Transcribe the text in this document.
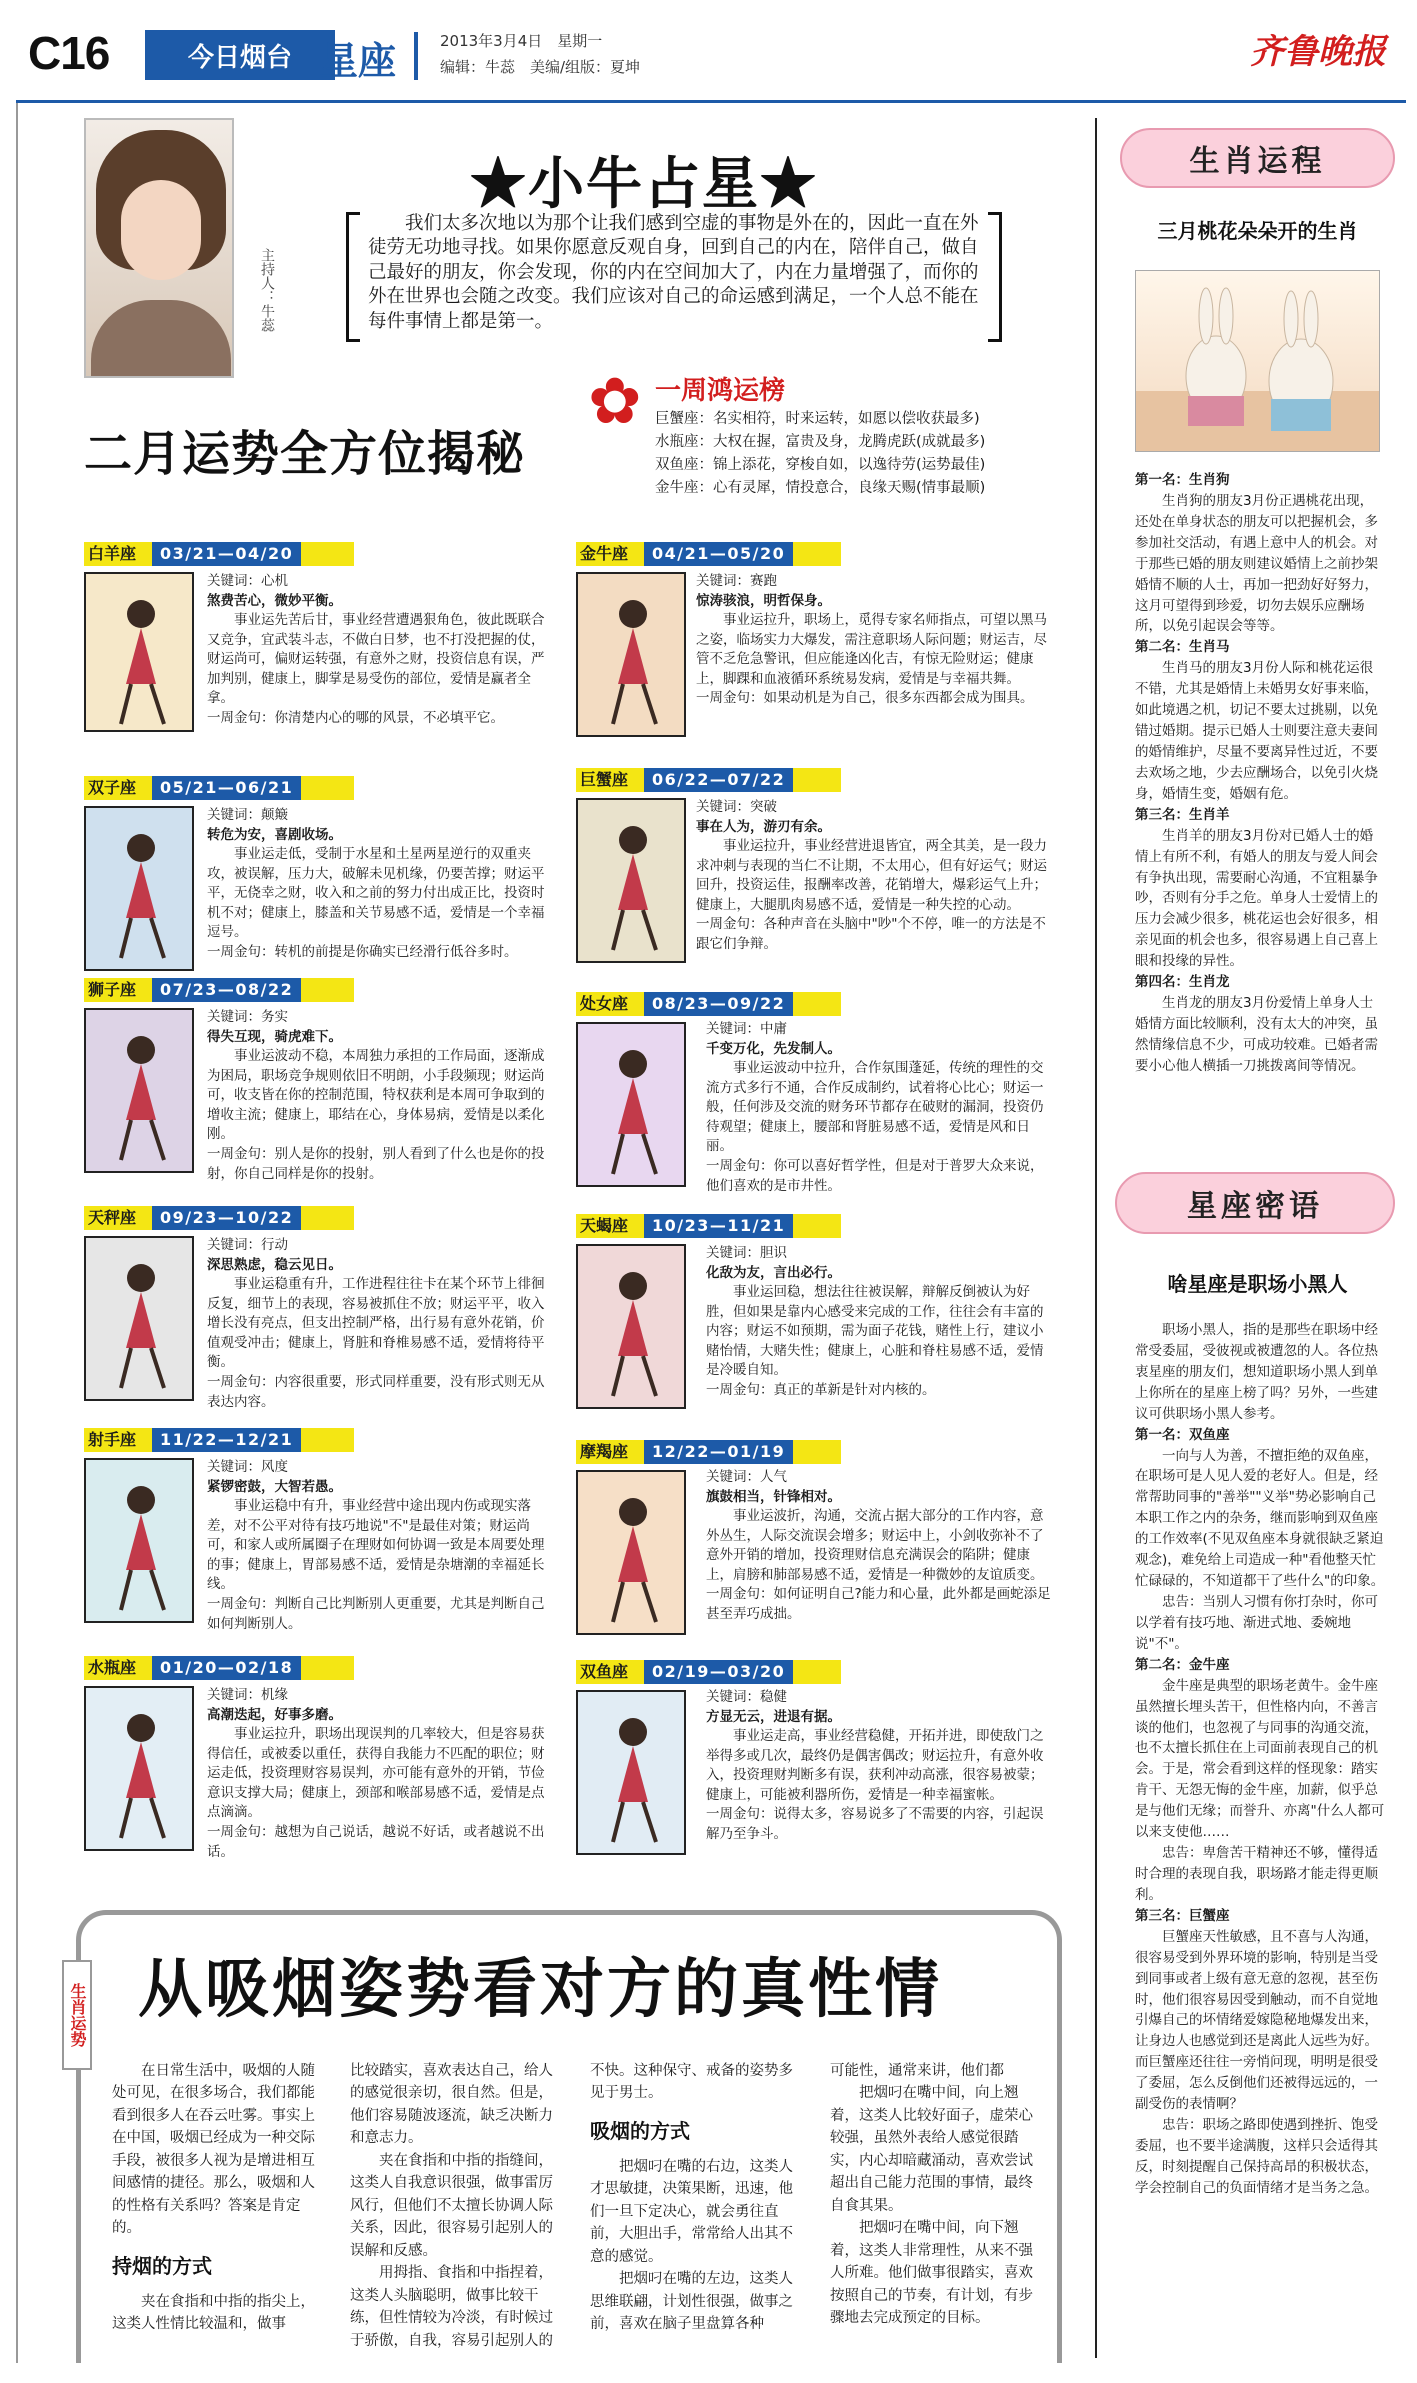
C16	今日烟台 星座	2013年3月4日　星期一
编辑：牛蕊　美编/组版：夏坤	齐鲁晚报
主持人：牛蕊
★小牛占星★
我们太多次地以为那个让我们感到空虚的事物是外在的，因此一直在外徒劳无功地寻找。如果你愿意反观自身，回到自己的内在，陪伴自己，做自己最好的朋友，你会发现，你的内在空间加大了，内在力量增强了，而你的外在世界也会随之改变。我们应该对自己的命运感到满足，一个人总不能在每件事情上都是第一。
二月运势全方位揭秘
✿ 一周鸿运榜
巨蟹座：名实相符，时来运转，如愿以偿收获最多)
水瓶座：大权在握，富贵及身，龙腾虎跃(成就最多)
双鱼座：锦上添花，穿梭自如，以逸待劳(运势最佳)
金牛座：心有灵犀，情投意合，良缘天赐(情事最顺)
白羊座	03/21—04/20
关键词：心机
煞费苦心，微妙平衡。
事业运先苦后甘，事业经营遭遇狠角色，彼此既联合又竞争，宜武装斗志，不做白日梦，也不打没把握的仗，财运尚可，偏财运转强，有意外之财，投资信息有误，严加判别，健康上，脚掌是易受伤的部位，爱情是赢者全拿。
一周金句：你清楚内心的哪的风景，不必填平它。
金牛座	04/21—05/20
关键词：赛跑
惊涛骇浪，明哲保身。
事业运拉升，职场上，觅得专家名师指点，可望以黑马之姿，临场实力大爆发，需注意职场人际问题；财运吉，尽管不乏危急警讯，但应能逢凶化吉，有惊无险财运；健康上，脚踝和血液循环系统易发病，爱情是与幸福共舞。
一周金句：如果动机是为自己，很多东西都会成为围具。
双子座	05/21—06/21
关键词：颠簸
转危为安，喜剧收场。
事业运走低，受制于水星和土星两星逆行的双重夹攻，被误解，压力大，破解未见机缘，仍要苦撑；财运平平，无侥幸之财，收入和之前的努力付出成正比，投资时机不对；健康上，膝盖和关节易感不适，爱情是一个幸福逗号。
一周金句：转机的前提是你确实已经滑行低谷多时。
巨蟹座	06/22—07/22
关键词：突破
事在人为，游刃有余。
事业运拉升，事业经营进退皆宜，两全其美，是一段力求冲刺与表现的当仁不让期，不太用心，但有好运气；财运回升，投资运佳，报酬率改善，花销增大，爆彩运气上升；健康上，大腿肌肉易感不适，爱情是一种失控的心动。
一周金句：各种声音在头脑中"吵"个不停，唯一的方法是不跟它们争辩。
狮子座	07/23—08/22
关键词：务实
得失互现，骑虎难下。
事业运波动不稳，本周独力承担的工作局面，逐渐成为困局，职场竞争规则依旧不明朗，小手段频现；财运尚可，收支皆在你的控制范围，特权获利是本周可争取到的增收主流；健康上，耶结在心，身体易病，爱情是以柔化刚。
一周金句：别人是你的投射，别人看到了什么也是你的投射，你自己同样是你的投射。
处女座	08/23—09/22
关键词：中庸
千变万化，先发制人。
事业运波动中拉升，合作氛围蓬延，传统的理性的交流方式多行不通，合作反成制约，试着将心比心；财运一般，任何涉及交流的财务环节都存在破财的漏洞，投资仍待观望；健康上，腰部和肾脏易感不适，爱情是风和日丽。
一周金句：你可以喜好哲学性，但是对于普罗大众来说，他们喜欢的是市井性。
天秤座	09/23—10/22
关键词：行动
深思熟虑，稳云见日。
事业运稳重有升，工作进程往往卡在某个环节上徘徊反复，细节上的表现，容易被抓住不放；财运平平，收入增长没有亮点，但支出控制严格，出行易有意外花销，价值观受冲击；健康上，肾脏和脊椎易感不适，爱情将待平衡。
一周金句：内容很重要，形式同样重要，没有形式则无从表达内容。
天蝎座	10/23—11/21
关键词：胆识
化敌为友，言出必行。
事业运回稳，想法往往被误解，辩解反倒被认为好胜，但如果是靠内心感受来完成的工作，往往会有丰富的内容；财运不如预期，需为面子花钱，赌性上行，建议小赌怡情，大赌失性；健康上，心脏和脊柱易感不适，爱情是冷暖自知。
一周金句：真正的革新是针对内核的。
射手座	11/22—12/21
关键词：风度
紧锣密鼓，大智若愚。
事业运稳中有升，事业经营中途出现内伤或现实落差，对不公平对待有技巧地说"不"是最佳对策；财运尚可，和家人或所属圈子在理财如何协调一致是本周要处理的事；健康上，胃部易感不适，爱情是杂塘潮的幸福延长线。
一周金句：判断自己比判断别人更重要，尤其是判断自己如何判断别人。
摩羯座	12/22—01/19
关键词：人气
旗鼓相当，针锋相对。
事业运波折，沟通，交流占据大部分的工作内容，意外丛生，人际交流误会增多；财运中上，小剑收弥补不了意外开销的增加，投资理财信息充满误会的陷阱；健康上，肩膀和肺部易感不适，爱情是一种微妙的友谊质变。
一周金句：如何证明自己?能力和心量，此外都是画蛇添足甚至弄巧成拙。
水瓶座	01/20—02/18
关键词：机缘
高潮迭起，好事多磨。
事业运拉升，职场出现误判的几率较大，但是容易获得信任，或被委以重任，获得自我能力不匹配的职位；财运走低，投资理财容易误判，亦可能有意外的开销，节俭意识支撑大局；健康上，颈部和喉部易感不适，爱情是点点滴滴。
一周金句：越想为自己说话，越说不好话，或者越说不出话。
双鱼座	02/19—03/20
关键词：稳健
方显无云，进退有据。
事业运走高，事业经营稳健，开拓并进，即使敌门之举得多或几次，最终仍是偶害偶改；财运拉升，有意外收入，投资理财判断多有误，获利冲动高涨，很容易被蒙；健康上，可能被利器所伤，爱情是一种幸福蜜帐。
一周金句：说得太多，容易说多了不需要的内容，引起误解乃至争斗。
生肖运程
三月桃花朵朵开的生肖

第一名：生肖狗

生肖狗的朋友3月份正遇桃花出现，还处在单身状态的朋友可以把握机会，多参加社交活动，有遇上意中人的机会。对于那些已婚的朋友则建议婚情上之前抄架婚情不顺的人士，再加一把劲好好努力，这月可望得到珍爱，切勿去娱乐应酬场所，以免引起误会等等。

第二名：生肖马

生肖马的朋友3月份人际和桃花运很不错，尤其是婚情上未婚男女好事来临，如此境遇之机，切记不要太过挑剔，以免错过婚期。提示已婚人士则要注意夫妻间的婚情维护，尽量不要离异性过近，不要去欢场之地，少去应酬场合，以免引火烧身，婚情生变，婚姻有危。

第三名：生肖羊

生肖羊的朋友3月份对已婚人士的婚情上有所不利，有婚人的朋友与爱人间会有争执出现，需要耐心沟通，不宜粗暴争吵，否则有分手之危。单身人士爱情上的压力会减少很多，桃花运也会好很多，相亲见面的机会也多，很容易遇上自己喜上眼和投缘的异性。

第四名：生肖龙

生肖龙的朋友3月份爱情上单身人士婚情方面比较顺利，没有太大的冲突，虽然情缘信息不少，可成功较难。已婚者需要小心他人横插一刀挑拨离间等情况。

星座密语
啥星座是职场小黑人

职场小黑人，指的是那些在职场中经常受委屈，受彼视或被遭忽的人。各位热衷星座的朋友们，想知道职场小黑人到单上你所在的星座上榜了吗？另外，一些建议可供职场小黑人参考。

第一名：双鱼座

一向与人为善，不擅拒绝的双鱼座，在职场可是人见人爱的老好人。但是，经常帮助同事的"善举""义举"势必影响自己本职工作之内的杂务，继而影响到双鱼座的工作效率(不见双鱼座本身就很缺乏紧迫观念)，难免给上司造成一种"看他整天忙忙碌碌的，不知道都干了些什么"的印象。

忠告：当别人习惯有你打杂时，你可以学着有技巧地、渐进式地、委婉地说"不"。

第二名：金牛座

金牛座是典型的职场老黄牛。金牛座虽然擅长埋头苦干，但性格内向，不善言谈的他们，也忽视了与同事的沟通交流，也不太擅长抓住在上司面前表现自己的机会。于是，常会看到这样的怪现象：踏实肯干、无怨无悔的金牛座，加薪，似乎总是与他们无缘；而誉升、亦离"什么人都可以来支使他……

忠告：卑詹苦干精神还不够，懂得适时合理的表现自我，职场路才能走得更顺利。

第三名：巨蟹座

巨蟹座天性敏感，且不喜与人沟通，很容易受到外界环境的影响，特别是当受到同事或者上级有意无意的忽视，甚至伤时，他们很容易因受到触动，而不自觉地引爆自己的坏情绪爱嫁隐秘地爆发出来，让身边人也感觉到还是离此人远些为好。而巨蟹座还往往一旁悄问现，明明是很受了委屈，怎么反倒他们还被得远远的，一副受伤的表情啊？

忠告：职场之路即使遇到挫折、饱受委屈，也不要半途满腹，这样只会适得其反，时刻提醒自己保持高昂的积极状态，学会控制自己的负面情绪才是当务之急。

生肖运势 从吸烟姿势看对方的真性情

在日常生活中，吸烟的人随处可见，在很多场合，我们都能看到很多人在吞云吐雾。事实上在中国，吸烟已经成为一种交际手段，被很多人视为是增进相互间感情的捷径。那么，吸烟和人的性格有关系吗？答案是肯定的。

持烟的方式

夹在食指和中指的指尖上，这类人性情比较温和，做事

比较踏实，喜欢表达自己，给人的感觉很亲切，很自然。但是，他们容易随波逐流，缺乏决断力和意志力。

夹在食指和中指的指缝间，这类人自我意识很强，做事雷厉风行，但他们不太擅长协调人际关系，因此，很容易引起别人的误解和反感。

用拇指、食指和中指捏着，这类人头脑聪明，做事比较干练，但性情较为冷淡，有时候过于骄傲，自我，容易引起别人的

不快。这种保守、戒备的姿势多见于男士。

吸烟的方式

把烟叼在嘴的右边，这类人才思敏捷，决策果断，迅速，他们一旦下定决心，就会勇往直前，大胆出手，常常给人出其不意的感觉。

把烟叼在嘴的左边，这类人思维联翩，计划性很强，做事之前，喜欢在脑子里盘算各种

可能性，通常来讲，他们都

把烟叼在嘴中间，向上翘着，这类人比较好面子，虚荣心较强，虽然外表给人感觉很踏实，内心却暗藏涌动，喜欢尝试超出自己能力范围的事情，最终自食其果。

把烟叼在嘴中间，向下翘着，这类人非常理性，从来不强人所难。他们做事很踏实，喜欢按照自己的节奏，有计划，有步骤地去完成预定的目标。
